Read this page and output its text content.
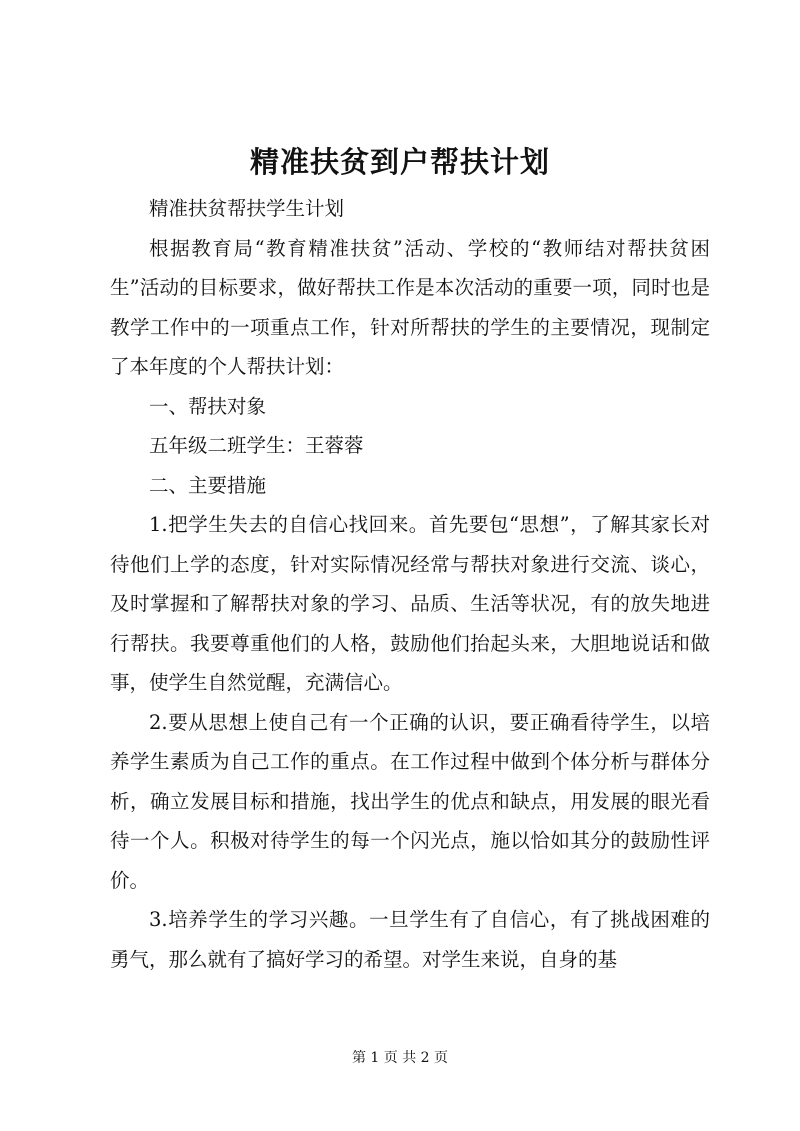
精准扶贫到户帮扶计划

精准扶贫帮扶学生计划

根据教育局“教育精准扶贫”活动、学校的“教师结对帮扶贫困生”活动的目标要求，做好帮扶工作是本次活动的重要一项，同时也是教学工作中的一项重点工作，针对所帮扶的学生的主要情况，现制定了本年度的个人帮扶计划：

一、帮扶对象

五年级二班学生：王蓉蓉

二、主要措施

1.把学生失去的自信心找回来。首先要包“思想”，了解其家长对待他们上学的态度，针对实际情况经常与帮扶对象进行交流、谈心，及时掌握和了解帮扶对象的学习、品质、生活等状况，有的放失地进行帮扶。我要尊重他们的人格，鼓励他们抬起头来，大胆地说话和做事，使学生自然觉醒，充满信心。

2.要从思想上使自己有一个正确的认识，要正确看待学生，以培养学生素质为自己工作的重点。在工作过程中做到个体分析与群体分析，确立发展目标和措施，找出学生的优点和缺点，用发展的眼光看待一个人。积极对待学生的每一个闪光点，施以恰如其分的鼓励性评价。

3.培养学生的学习兴趣。一旦学生有了自信心，有了挑战困难的勇气，那么就有了搞好学习的希望。对学生来说，自身的基

第 1 页 共 2 页
